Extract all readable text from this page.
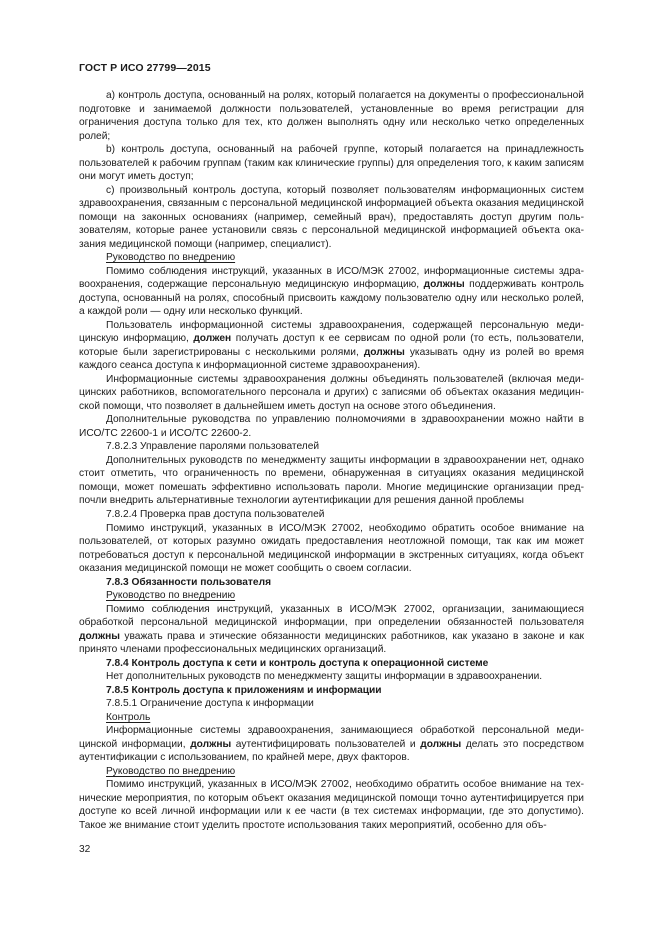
ГОСТ Р ИСО 27799—2015
a) контроль доступа, основанный на ролях, который полагается на документы о профессиональной подготовке и занимаемой должности пользователей, установленные во время регистрации для ограничения доступа только для тех, кто должен выполнять одну или несколько четко определенных ролей;
b) контроль доступа, основанный на рабочей группе, который полагается на принадлежность пользователей к рабочим группам (таким как клинические группы) для определения того, к каким записям они могут иметь доступ;
c) произвольный контроль доступа, который позволяет пользователям информационных систем здравоохранения, связанным с персональной медицинской информацией объекта оказания медицинской помощи на законных основаниях (например, семейный врач), предоставлять доступ другим пользователям, которые ранее установили связь с персональной медицинской информацией объекта оказания медицинской помощи (например, специалист).
Руководство по внедрению
Помимо соблюдения инструкций, указанных в ИСО/МЭК 27002, информационные системы здравоохранения, содержащие персональную медицинскую информацию, должны поддерживать контроль доступа, основанный на ролях, способный присвоить каждому пользователю одну или несколько ролей, а каждой роли — одну или несколько функций.
Пользователь информационной системы здравоохранения, содержащей персональную медицинскую информацию, должен получать доступ к ее сервисам по одной роли (то есть, пользователи, которые были зарегистрированы с несколькими ролями, должны указывать одну из ролей во время каждого сеанса доступа к информационной системе здравоохранения).
Информационные системы здравоохранения должны объединять пользователей (включая медицинских работников, вспомогательного персонала и других) с записями об объектах оказания медицинской помощи, что позволяет в дальнейшем иметь доступ на основе этого объединения.
Дополнительные руководства по управлению полномочиями в здравоохранении можно найти в ИСО/ТС 22600-1 и ИСО/ТС 22600-2.
7.8.2.3 Управление паролями пользователей
Дополнительных руководств по менеджменту защиты информации в здравоохранении нет, однако стоит отметить, что ограниченность по времени, обнаруженная в ситуациях оказания медицинской помощи, может помешать эффективно использовать пароли. Многие медицинские организации предпочли внедрить альтернативные технологии аутентификации для решения данной проблемы
7.8.2.4 Проверка прав доступа пользователей
Помимо инструкций, указанных в ИСО/МЭК 27002, необходимо обратить особое внимание на пользователей, от которых разумно ожидать предоставления неотложной помощи, так как им может потребоваться доступ к персональной медицинской информации в экстренных ситуациях, когда объект оказания медицинской помощи не может сообщить о своем согласии.
7.8.3 Обязанности пользователя
Руководство по внедрению
Помимо соблюдения инструкций, указанных в ИСО/МЭК 27002, организации, занимающиеся обработкой персональной медицинской информации, при определении обязанностей пользователя должны уважать права и этические обязанности медицинских работников, как указано в законе и как принято членами профессиональных медицинских организаций.
7.8.4 Контроль доступа к сети и контроль доступа к операционной системе
Нет дополнительных руководств по менеджменту защиты информации в здравоохранении.
7.8.5 Контроль доступа к приложениям и информации
7.8.5.1 Ограничение доступа к информации
Контроль
Информационные системы здравоохранения, занимающиеся обработкой персональной медицинской информации, должны аутентифицировать пользователей и должны делать это посредством аутентификации с использованием, по крайней мере, двух факторов.
Руководство по внедрению
Помимо инструкций, указанных в ИСО/МЭК 27002, необходимо обратить особое внимание на технические мероприятия, по которым объект оказания медицинской помощи точно аутентифицируется при доступе ко всей личной информации или к ее части (в тех системах информации, где это допустимо). Такое же внимание стоит уделить простоте использования таких мероприятий, особенно для объ-
32
